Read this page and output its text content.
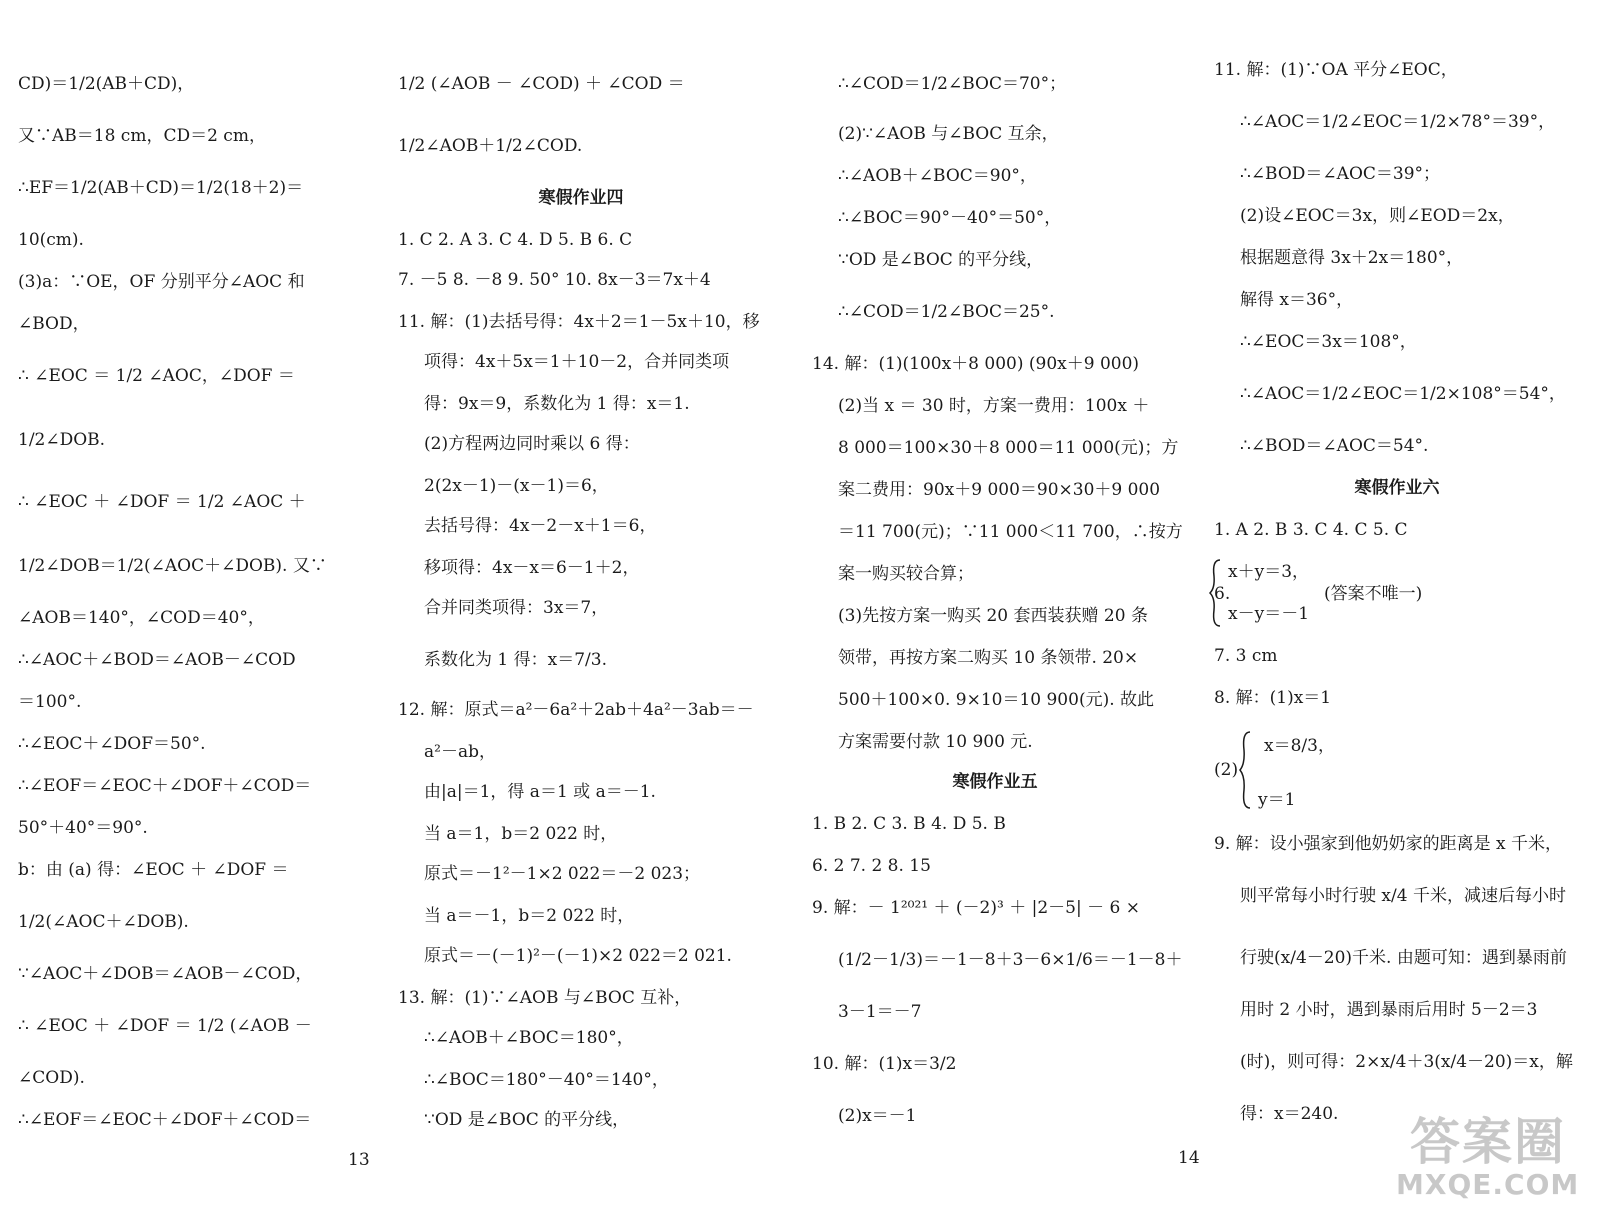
CD)＝1/2(AB＋CD)，
又∵AB＝18 cm，CD＝2 cm，
∴EF＝1/2(AB＋CD)＝1/2(18＋2)＝
10(cm).
(3)a：∵OE，OF 分别平分∠AOC 和
∠BOD，
∴ ∠EOC ＝ 1/2 ∠AOC，∠DOF ＝
1/2∠DOB.
∴ ∠EOC ＋ ∠DOF ＝ 1/2 ∠AOC ＋
1/2∠DOB＝1/2(∠AOC＋∠DOB). 又∵
∠AOB＝140°，∠COD＝40°，
∴∠AOC＋∠BOD＝∠AOB－∠COD
＝100°.
∴∠EOC＋∠DOF＝50°.
∴∠EOF＝∠EOC＋∠DOF＋∠COD＝
50°＋40°＝90°.
b：由 (a) 得：∠EOC ＋ ∠DOF ＝
1/2(∠AOC＋∠DOB).
∵∠AOC＋∠DOB＝∠AOB－∠COD，
∴ ∠EOC ＋ ∠DOF ＝ 1/2 (∠AOB －
∠COD).
∴∠EOF＝∠EOC＋∠DOF＋∠COD＝
1/2 (∠AOB － ∠COD) ＋ ∠COD ＝
1/2∠AOB＋1/2∠COD.
寒假作业四
1. C 2. A 3. C 4. D 5. B 6. C
7. －5 8. －8 9. 50° 10. 8x－3＝7x＋4
11. 解：(1)去括号得：4x＋2＝1－5x＋10，移
项得：4x＋5x＝1＋10－2，合并同类项
得：9x＝9，系数化为 1 得：x＝1.
(2)方程两边同时乘以 6 得：
2(2x－1)－(x－1)＝6，
去括号得：4x－2－x＋1＝6，
移项得：4x－x＝6－1＋2，
合并同类项得：3x＝7，
系数化为 1 得：x＝7/3.
12. 解：原式＝a²－6a²＋2ab＋4a²－3ab＝－
a²－ab，
由|a|＝1，得 a＝1 或 a＝－1.
当 a＝1，b＝2 022 时，
原式＝－1²－1×2 022＝－2 023；
当 a＝－1，b＝2 022 时，
原式＝－(－1)²－(－1)×2 022＝2 021.
13. 解：(1)∵∠AOB 与∠BOC 互补，
∴∠AOB＋∠BOC＝180°，
∴∠BOC＝180°－40°＝140°，
∵OD 是∠BOC 的平分线，
∴∠COD＝1/2∠BOC＝70°；
(2)∵∠AOB 与∠BOC 互余，
∴∠AOB＋∠BOC＝90°，
∴∠BOC＝90°－40°＝50°，
∵OD 是∠BOC 的平分线，
∴∠COD＝1/2∠BOC＝25°.
14. 解：(1)(100x＋8 000) (90x＋9 000)
(2)当 x ＝ 30 时，方案一费用：100x ＋
8 000＝100×30＋8 000＝11 000(元)；方
案二费用：90x＋9 000＝90×30＋9 000
＝11 700(元)；∵11 000＜11 700，∴按方
案一购买较合算；
(3)先按方案一购买 20 套西装获赠 20 条
领带，再按方案二购买 10 条领带. 20×
500＋100×0. 9×10＝10 900(元). 故此
方案需要付款 10 900 元.
寒假作业五
1. B 2. C 3. B 4. D 5. B
6. 2 7. 2 8. 15
9. 解：－ 1²⁰²¹ ＋ (－2)³ ＋ |2－5| － 6 ×
(1/2－1/3)＝－1－8＋3－6×1/6＝－1－8＋
3－1＝－7
10. 解：(1)x＝3/2
(2)x＝－1
11. 解：(1)∵OA 平分∠EOC，
∴∠AOC＝1/2∠EOC＝1/2×78°＝39°，
∴∠BOD＝∠AOC＝39°；
(2)设∠EOC＝3x，则∠EOD＝2x，
根据题意得 3x＋2x＝180°，
解得 x＝36°，
∴∠EOC＝3x＝108°，
∴∠AOC＝1/2∠EOC＝1/2×108°＝54°，
∴∠BOD＝∠AOC＝54°.
寒假作业六
1. A 2. B 3. C 4. C 5. C
x＋y＝3，
6.	(答案不唯一)
x－y＝－1
7. 3 cm
8. 解：(1)x＝1
x＝8/3，
(2)
y＝1
9. 解：设小强家到他奶奶家的距离是 x 千米，
则平常每小时行驶 x/4 千米，减速后每小时
行驶(x/4－20)千米. 由题可知：遇到暴雨前
用时 2 小时，遇到暴雨后用时 5－2＝3
(时)，则可得：2×x/4＋3(x/4－20)＝x，解
得：x＝240.
13	14	答案圈
MXQE.COM
